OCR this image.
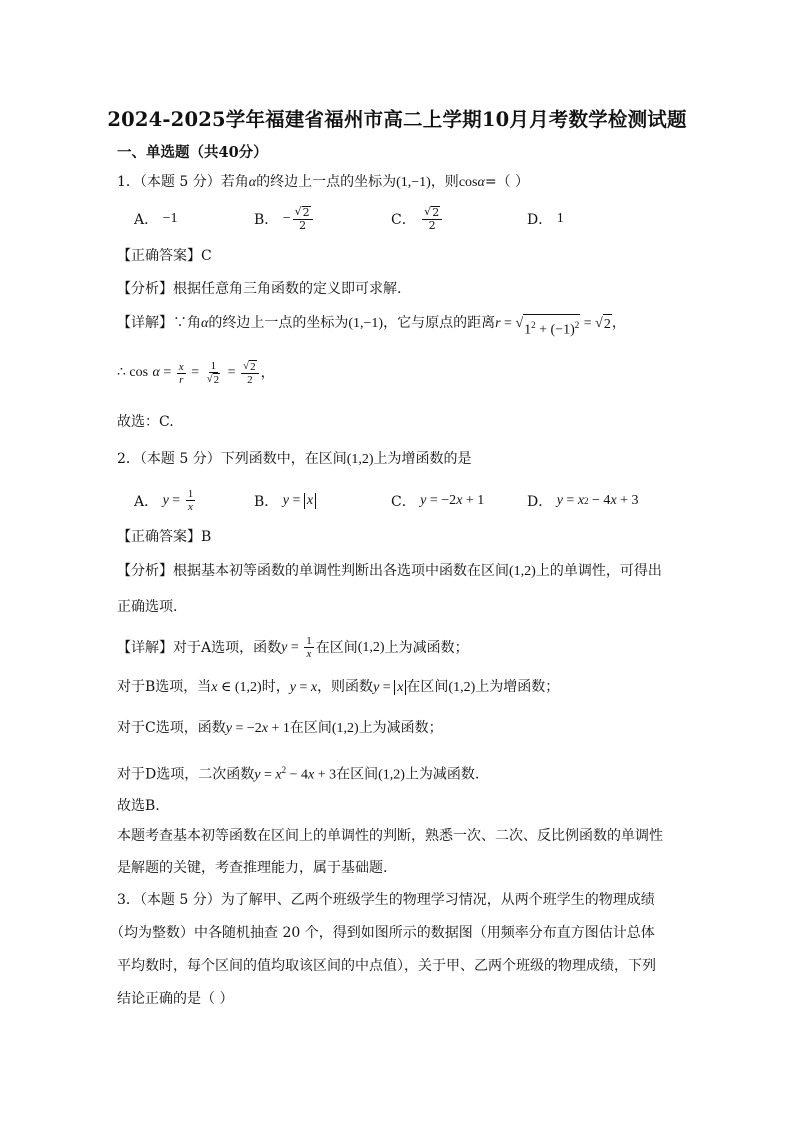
2024-2025学年福建省福州市高二上学期10月月考数学检测试题
一、单选题（共40分）
1．（本题 5 分）若角α的终边上一点的坐标为(1,−1)，则cosα=（ ）
A．
−1	B．
− $\frac{√ 2}{2}$	C．
$\frac{√ 2}{2}$	D．
1
【正确答案】C
【分析】根据任意角三角函数的定义即可求解.
【详解】∵角α的终边上一点的坐标为(1,−1)，它与原点的距离r = √ $1^2 + (-1)^2$ = √ 2 ，
∴ cos
$\alpha = \frac{x}{r} = \frac{1}{√ 2} = \frac{√ 2}{2}$ ，
故选：C.
2．（本题 5 分）下列函数中，在区间(1,2)上为增函数的是
A．
$y = \frac{1}{x}$	B．
y = x	C．
y = −2 x + 1	D．
y = x 2 − 4 x + 3
【正确答案】B
【分析】根据基本初等函数的单调性判断出各选项中函数在区间(1,2)上的单调性，可得出
正确选项.
【详解】对于A选项，函数 $y = \frac{1}{x}$ 在区间 (1,2) 上为减函数；
对于B选项，当x ∈ (1,2)时，y = x，则函数y = x 在区间(1,2)上为增函数；
对于C选项，函数y = −2x + 1在区间(1,2)上为减函数；
对于D选项，二次函数$y = x^2 - 4x + 3$在区间(1,2)上为减函数.
故选B.
本题考查基本初等函数在区间上的单调性的判断，熟悉一次、二次、反比例函数的单调性
是解题的关键，考查推理能力，属于基础题.
3．（本题 5 分）为了解甲、乙两个班级学生的物理学习情况，从两个班学生的物理成绩
（均为整数）中各随机抽查 20 个，得到如图所示的数据图（用频率分布直方图估计总体
平均数时，每个区间的值均取该区间的中点值），关于甲、乙两个班级的物理成绩，下列
结论正确的是（ ）
